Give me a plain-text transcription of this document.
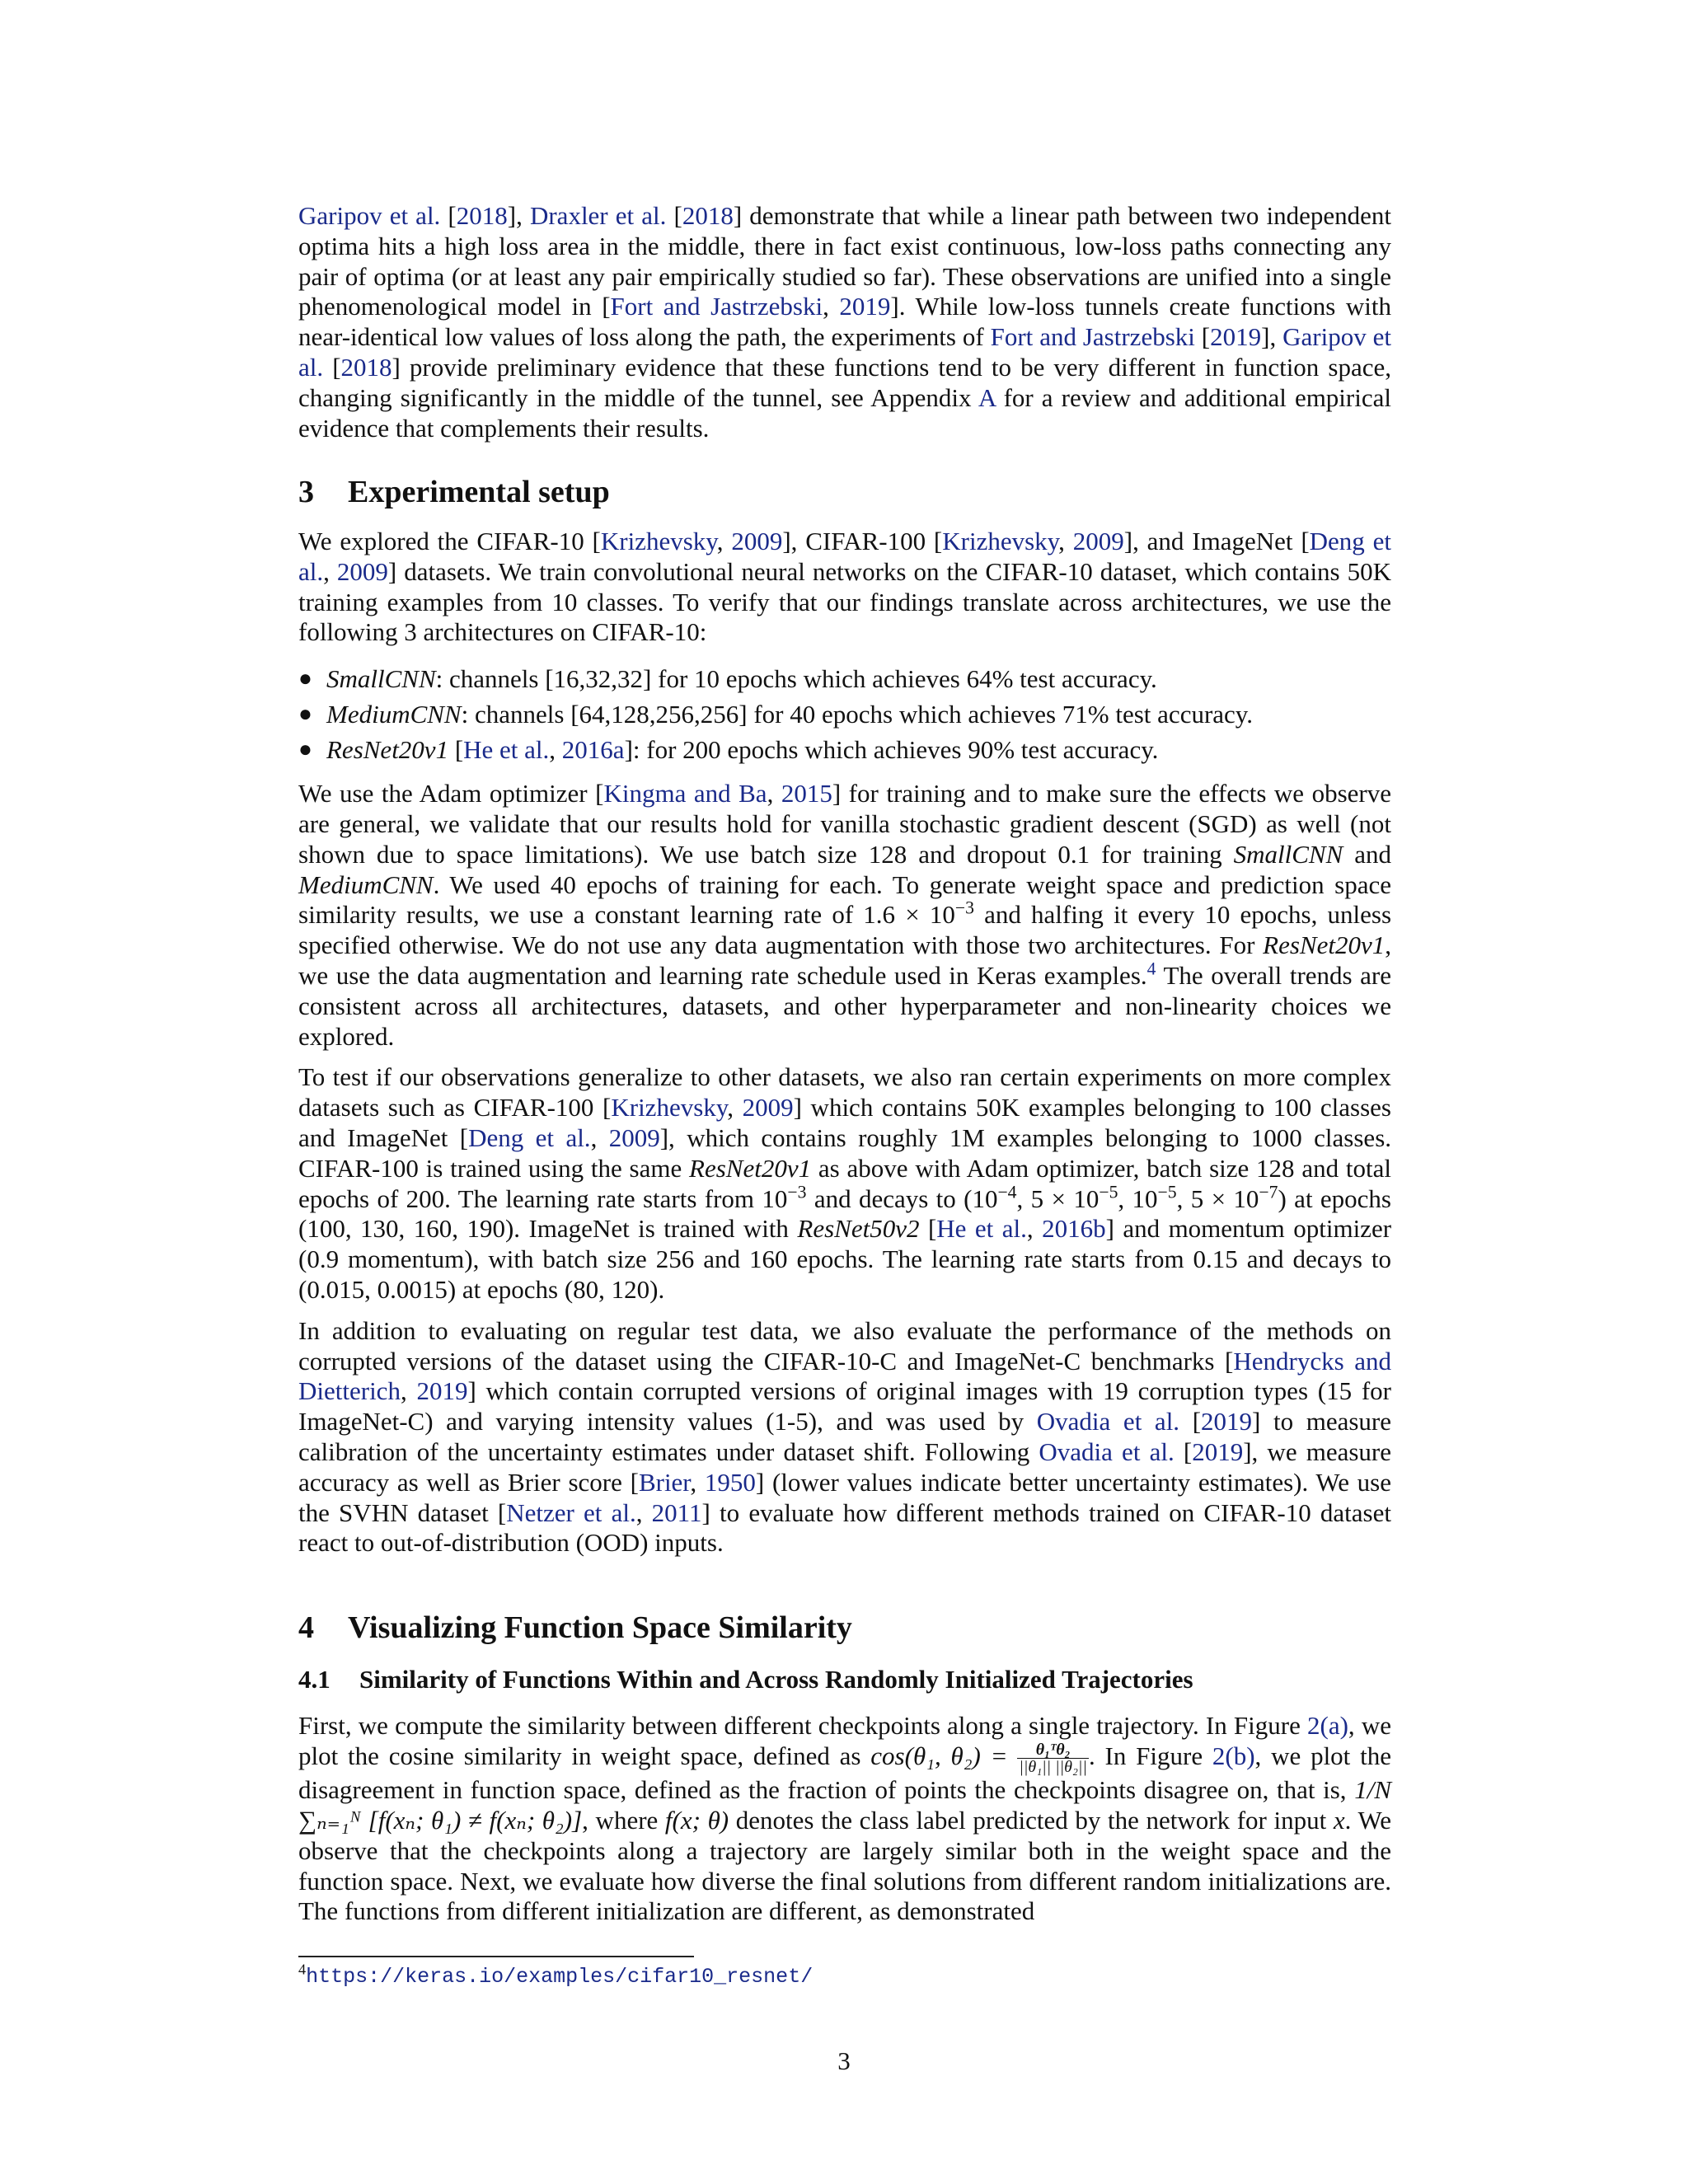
Garipov et al. [2018], Draxler et al. [2018] demonstrate that while a linear path between two independent optima hits a high loss area in the middle, there in fact exist continuous, low-loss paths connecting any pair of optima (or at least any pair empirically studied so far). These observations are unified into a single phenomenological model in [Fort and Jastrzebski, 2019]. While low-loss tunnels create functions with near-identical low values of loss along the path, the experiments of Fort and Jastrzebski [2019], Garipov et al. [2018] provide preliminary evidence that these functions tend to be very different in function space, changing significantly in the middle of the tunnel, see Appendix A for a review and additional empirical evidence that complements their results.

3 Experimental setup

We explored the CIFAR-10 [Krizhevsky, 2009], CIFAR-100 [Krizhevsky, 2009], and ImageNet [Deng et al., 2009] datasets. We train convolutional neural networks on the CIFAR-10 dataset, which contains 50K training examples from 10 classes. To verify that our findings translate across architectures, we use the following 3 architectures on CIFAR-10:

● SmallCNN: channels [16,32,32] for 10 epochs which achieves 64% test accuracy.
● MediumCNN: channels [64,128,256,256] for 40 epochs which achieves 71% test accuracy.
● ResNet20v1 [He et al., 2016a]: for 200 epochs which achieves 90% test accuracy.

We use the Adam optimizer [Kingma and Ba, 2015] for training and to make sure the effects we observe are general, we validate that our results hold for vanilla stochastic gradient descent (SGD) as well (not shown due to space limitations). We use batch size 128 and dropout 0.1 for training SmallCNN and MediumCNN. We used 40 epochs of training for each. To generate weight space and prediction space similarity results, we use a constant learning rate of $1.6 \times 10^{-3}$ and halfing it every 10 epochs, unless specified otherwise. We do not use any data augmentation with those two architectures. For ResNet20v1, we use the data augmentation and learning rate schedule used in Keras examples.$^4$ The overall trends are consistent across all architectures, datasets, and other hyperparameter and non-linearity choices we explored.

To test if our observations generalize to other datasets, we also ran certain experiments on more complex datasets such as CIFAR-100 [Krizhevsky, 2009] which contains 50K examples belonging to 100 classes and ImageNet [Deng et al., 2009], which contains roughly 1M examples belonging to 1000 classes. CIFAR-100 is trained using the same ResNet20v1 as above with Adam optimizer, batch size 128 and total epochs of 200. The learning rate starts from $10^{-3}$ and decays to ($10^{-4}$, $5 \times 10^{-5}$, $10^{-5}$, $5 \times 10^{-7}$) at epochs (100, 130, 160, 190). ImageNet is trained with ResNet50v2 [He et al., 2016b] and momentum optimizer (0.9 momentum), with batch size 256 and 160 epochs. The learning rate starts from 0.15 and decays to (0.015, 0.0015) at epochs (80, 120).

In addition to evaluating on regular test data, we also evaluate the performance of the methods on corrupted versions of the dataset using the CIFAR-10-C and ImageNet-C benchmarks [Hendrycks and Dietterich, 2019] which contain corrupted versions of original images with 19 corruption types (15 for ImageNet-C) and varying intensity values (1-5), and was used by Ovadia et al. [2019] to measure calibration of the uncertainty estimates under dataset shift. Following Ovadia et al. [2019], we measure accuracy as well as Brier score [Brier, 1950] (lower values indicate better uncertainty estimates). We use the SVHN dataset [Netzer et al., 2011] to evaluate how different methods trained on CIFAR-10 dataset react to out-of-distribution (OOD) inputs.

4 Visualizing Function Space Similarity
4.1 Similarity of Functions Within and Across Randomly Initialized Trajectories

First, we compute the similarity between different checkpoints along a single trajectory. In Figure 2(a), we plot the cosine similarity in weight space, defined as cos(θ₁, $\theta_2) = \frac{\text{θ₁ᵀθ₂}}{\text{||θ₁|| ||θ₂||}}$ . In Figure 2(b), we plot the disagreement in function space, defined as the fraction of points the checkpoints disagree on, that is, 1/N ∑ₙ₌₁ᴺ [f(xₙ; θ₁) ≠ f(xₙ; θ₂)], where f(x; θ) denotes the class label predicted by the network for input x. We observe that the checkpoints along a trajectory are largely similar both in the weight space and the function space. Next, we evaluate how diverse the final solutions from different random initializations are. The functions from different initialization are different, as demonstrated

$^4$https://keras.io/examples/cifar10_resnet/
3
